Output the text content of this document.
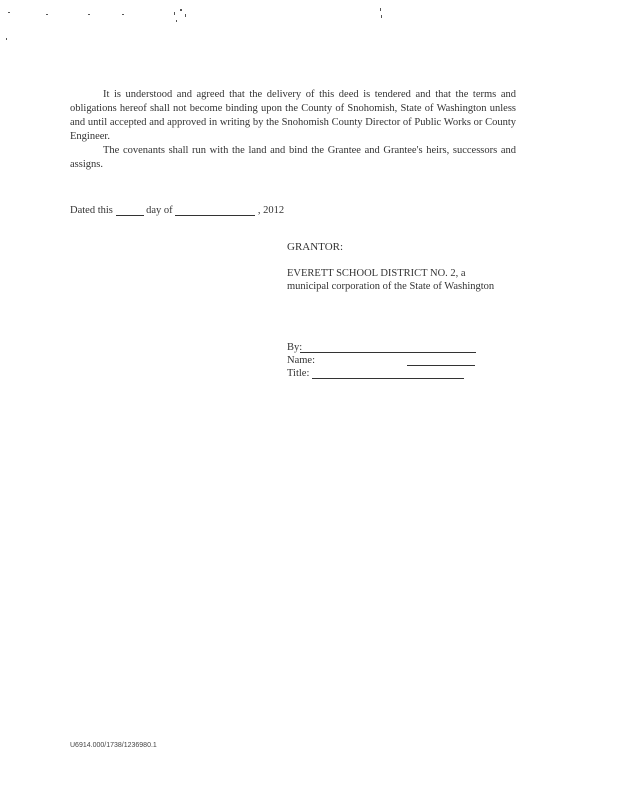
It is understood and agreed that the delivery of this deed is tendered and that the terms and obligations hereof shall not become binding upon the County of Snohomish, State of Washington unless and until accepted and approved in writing by the Snohomish County Director of Public Works or County Engineer.

The covenants shall run with the land and bind the Grantee and Grantee's heirs, successors and assigns.

Dated this	day of	, 2012
GRANTOR:

EVERETT SCHOOL DISTRICT NO. 2, a municipal corporation of the State of Washington

By:
Name:
Title:
U6914.000/1738/1236980.1
